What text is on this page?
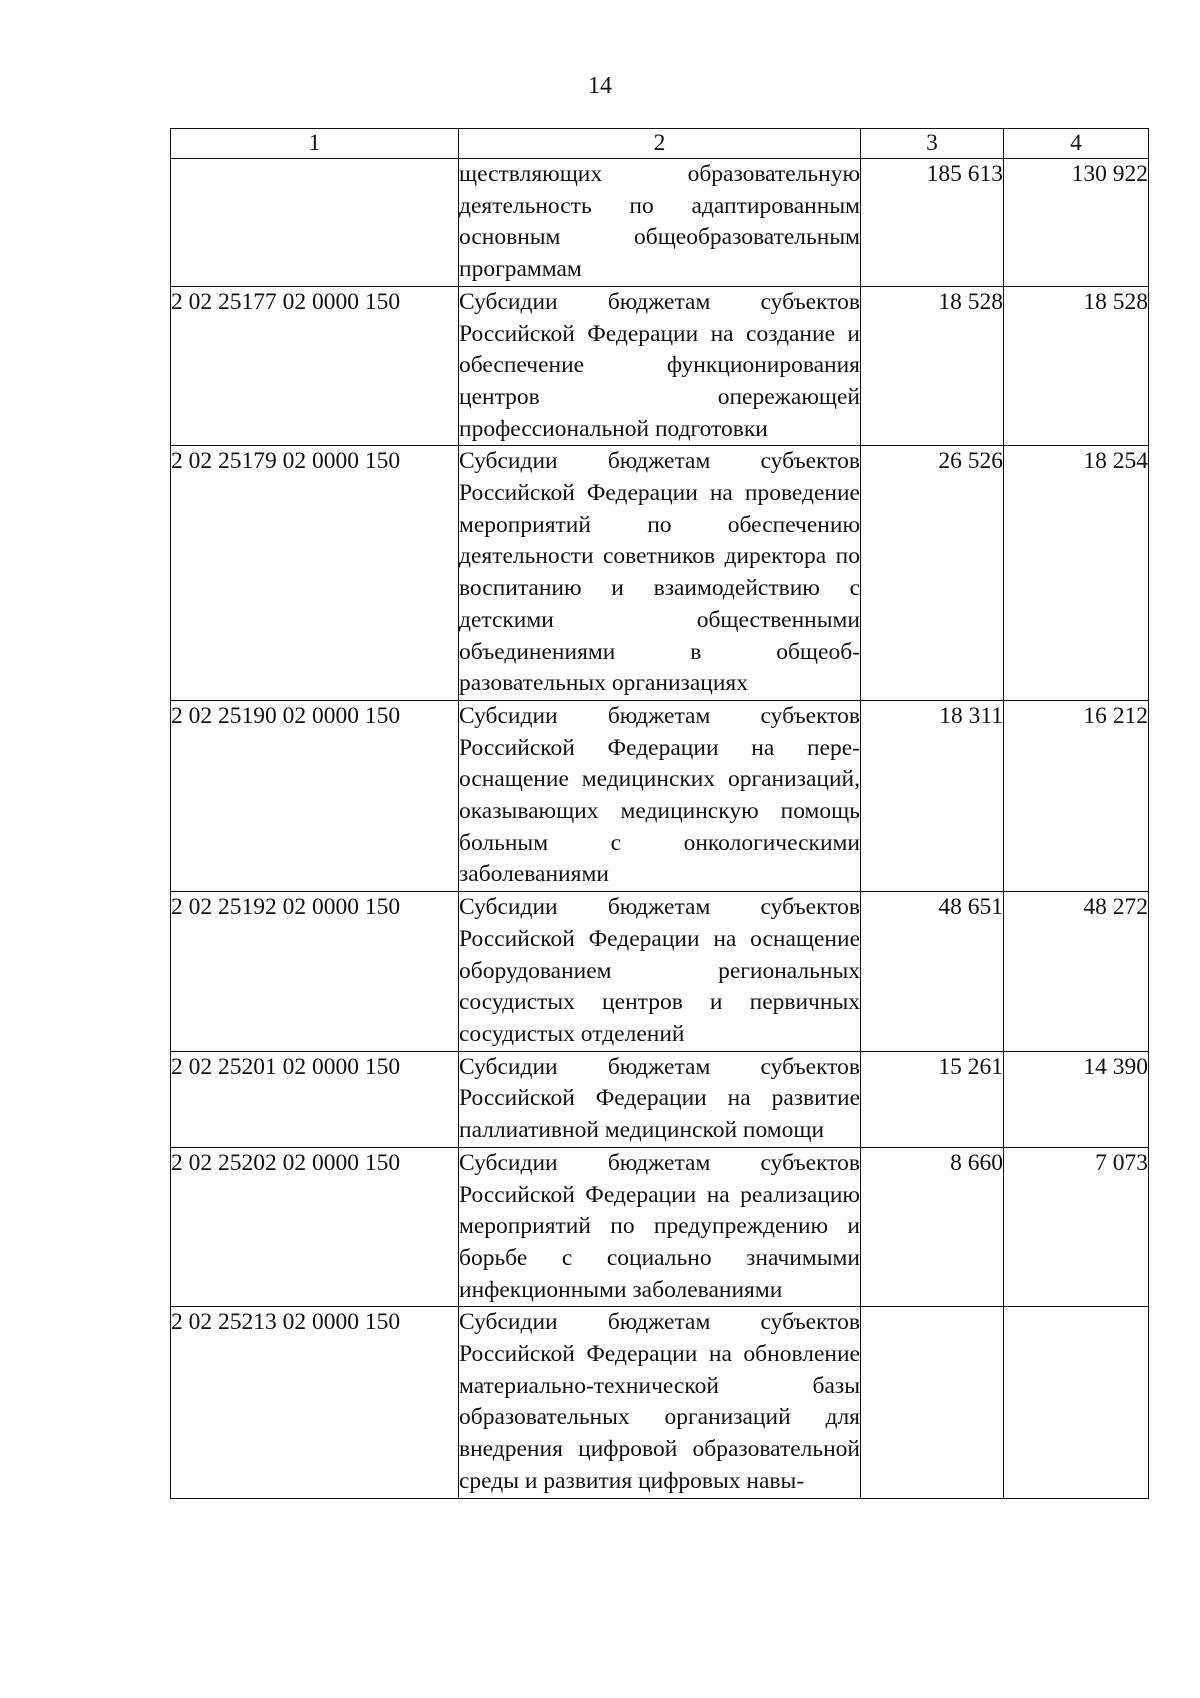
14
1	2	3	4
	ществляющих образовательную деятельность по адаптированным основным общеобразовательным программам	185 613	130 922
2 02 25177 02 0000 150	Субсидии бюджетам субъектов Российской Федерации на создание и обеспечение функционирования центров опережающей профессиональной подготовки	18 528	18 528
2 02 25179 02 0000 150	Субсидии бюджетам субъектов Российской Федерации на проведение мероприятий по обеспечению деятельности советников директора по воспитанию и взаимодействию с детскими общественными объединениями в общеобразовательных организациях	26 526	18 254
2 02 25190 02 0000 150	Субсидии бюджетам субъектов Российской Федерации на переоснащение медицинских организаций, оказывающих медицинскую помощь больным с онкологическими заболеваниями	18 311	16 212
2 02 25192 02 0000 150	Субсидии бюджетам субъектов Российской Федерации на оснащение оборудованием региональных сосудистых центров и первичных сосудистых отделений	48 651	48 272
2 02 25201 02 0000 150	Субсидии бюджетам субъектов Российской Федерации на развитие паллиативной медицинской помощи	15 261	14 390
2 02 25202 02 0000 150	Субсидии бюджетам субъектов Российской Федерации на реализацию мероприятий по предупреждению и борьбе с социально значимыми инфекционными заболеваниями	8 660	7 073
2 02 25213 02 0000 150	Субсидии бюджетам субъектов Российской Федерации на обновление материально-технической базы образовательных организаций для внедрения цифровой образовательной среды и развития цифровых навы-		
